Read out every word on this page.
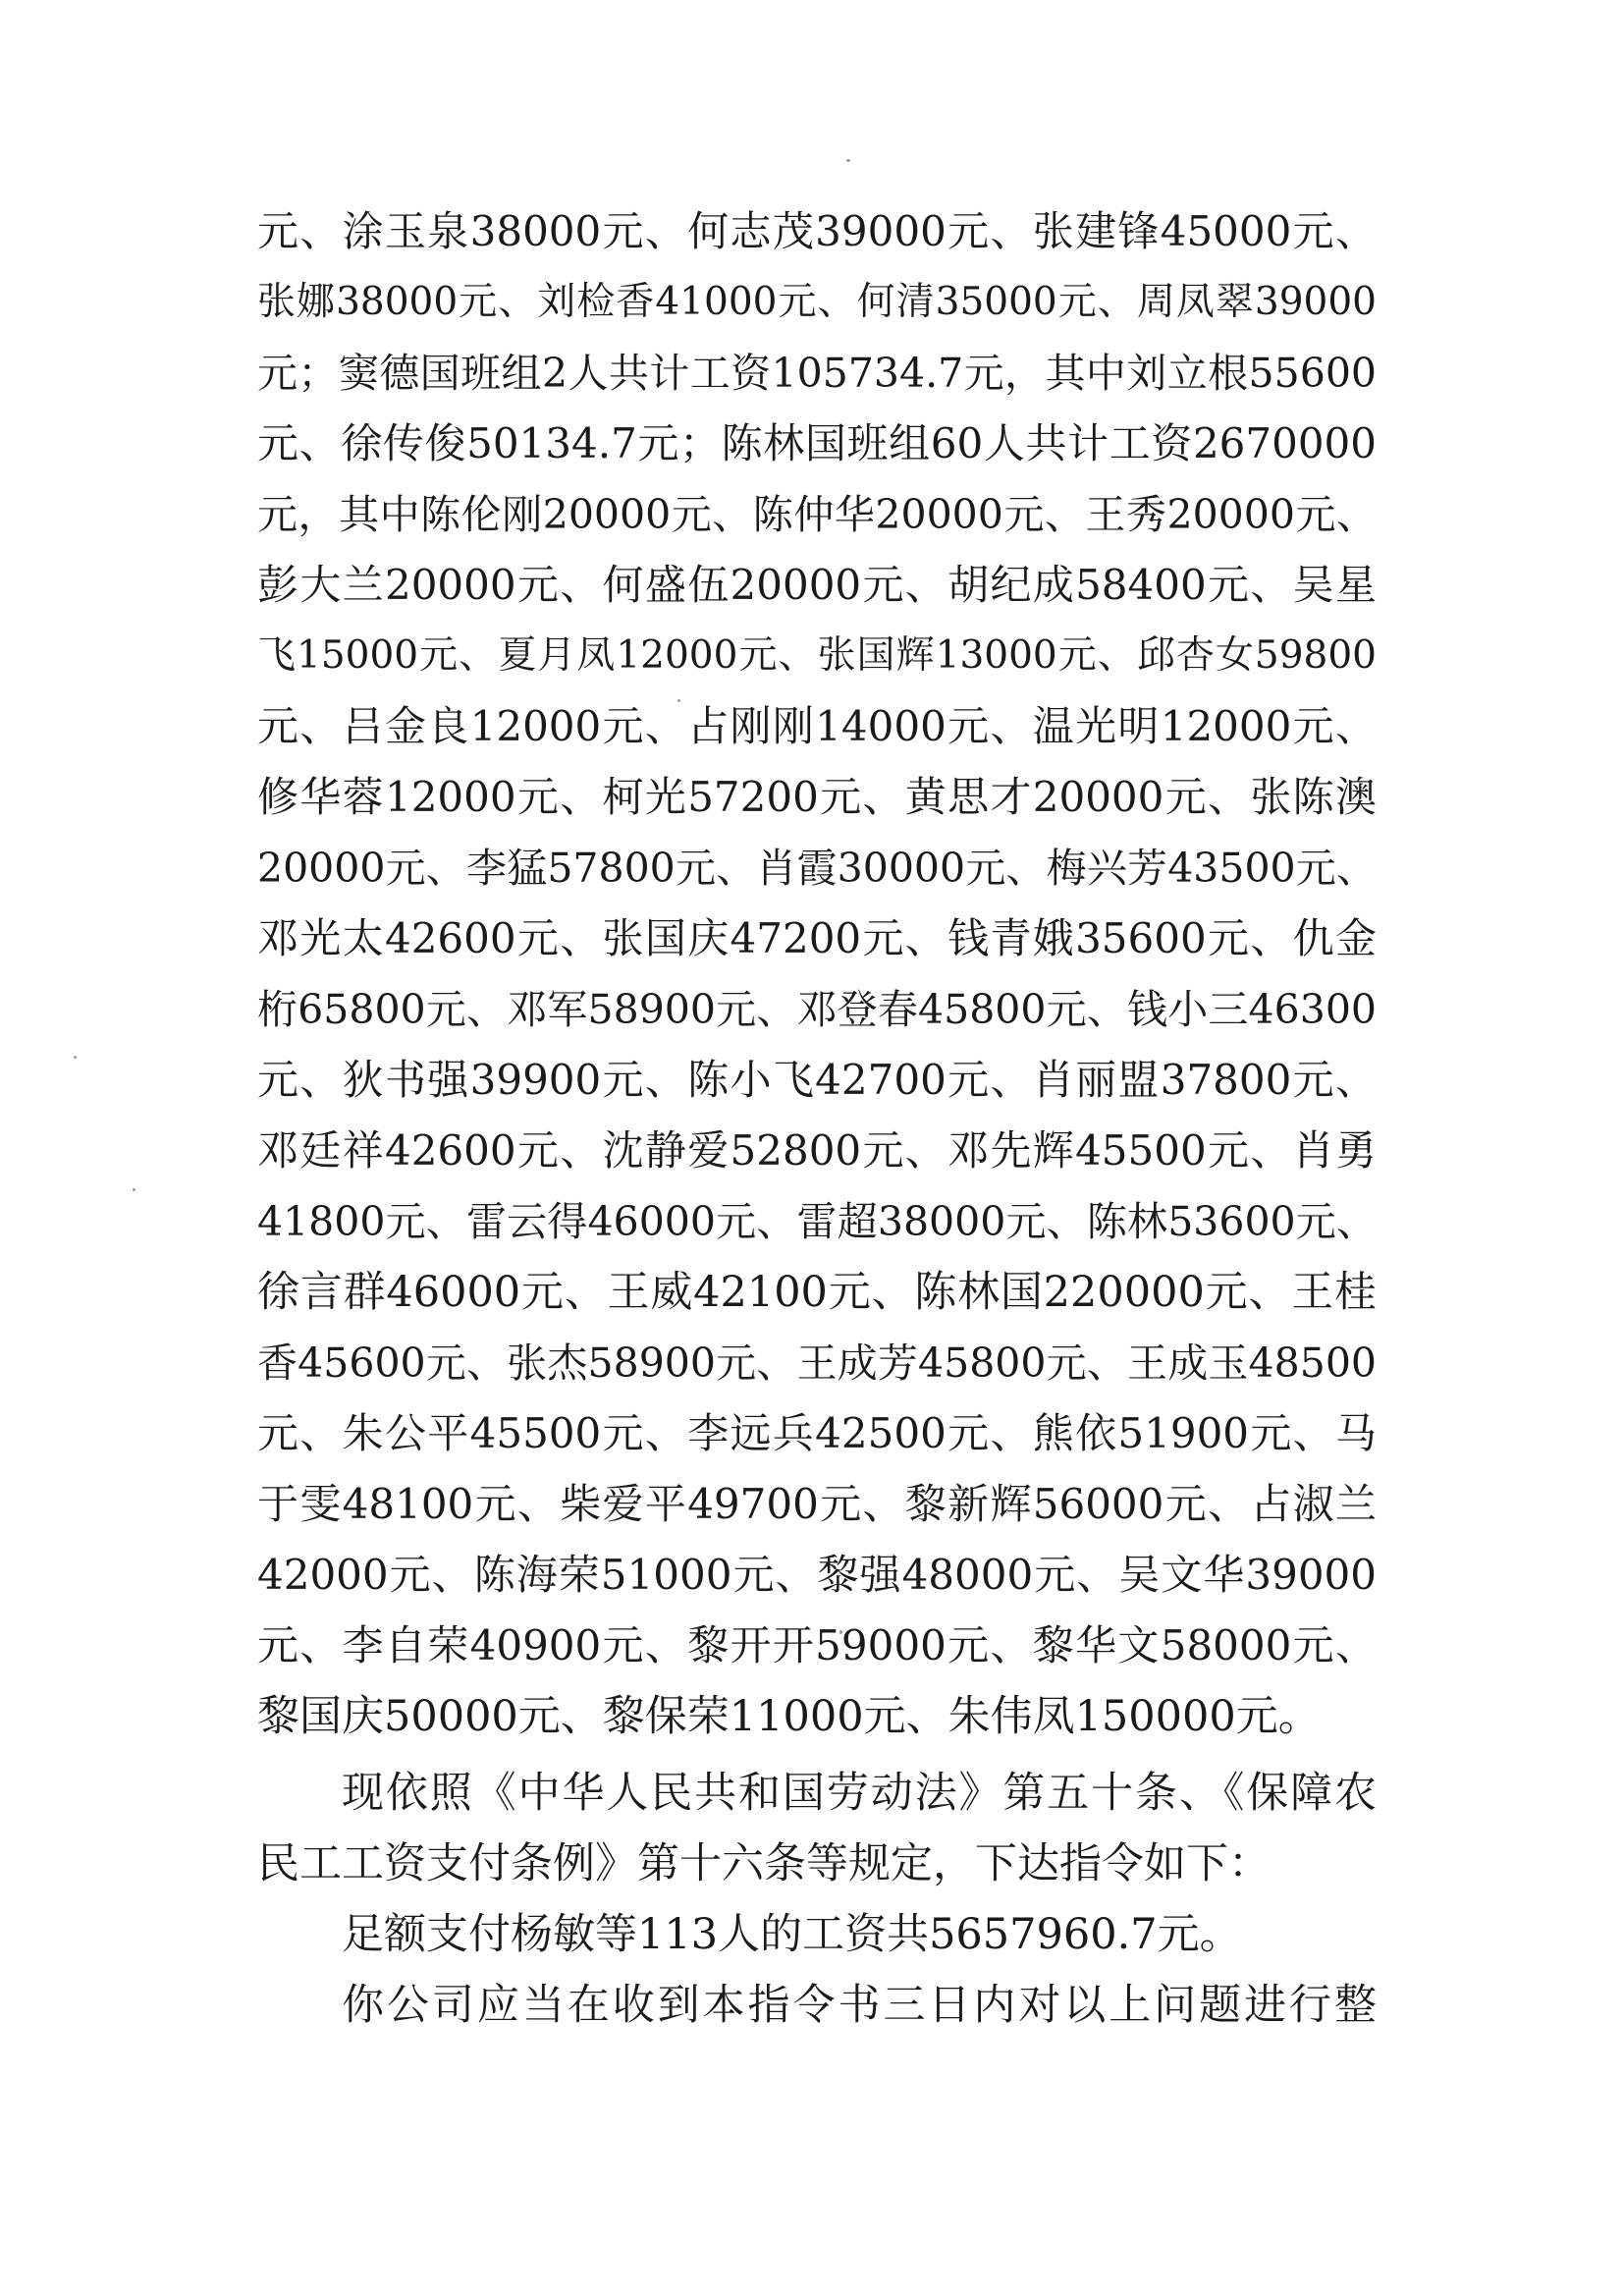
元、涂玉泉38000元、何志茂39000元、张建锋45000元、
张娜38000元、刘检香41000元、何清35000元、周凤翠39000
元；窦德国班组2人共计工资105734.7元，其中刘立根55600
元、徐传俊50134.7元；陈林国班组60人共计工资2670000
元，其中陈伦刚20000元、陈仲华20000元、王秀20000元、
彭大兰20000元、何盛伍20000元、胡纪成58400元、吴星
飞15000元、夏月凤12000元、张国辉13000元、邱杏女59800
元、吕金良12000元、占刚刚14000元、温光明12000元、
修华蓉12000元、柯光57200元、黄思才20000元、张陈澳
20000元、李猛57800元、肖霞30000元、梅兴芳43500元、
邓光太42600元、张国庆47200元、钱青娥35600元、仇金
桁65800元、邓军58900元、邓登春45800元、钱小三46300
元、狄书强39900元、陈小飞42700元、肖丽盟37800元、
邓廷祥42600元、沈静爱52800元、邓先辉45500元、肖勇
41800元、雷云得46000元、雷超38000元、陈林53600元、
徐言群46000元、王威42100元、陈林国220000元、王桂
香45600元、张杰58900元、王成芳45800元、王成玉48500
元、朱公平45500元、李远兵42500元、熊依51900元、马
于雯48100元、柴爱平49700元、黎新辉56000元、占淑兰
42000元、陈海荣51000元、黎强48000元、吴文华39000
元、李自荣40900元、黎开开59000元、黎华文58000元、
黎国庆50000元、黎保荣11000元、朱伟凤150000元。
现依照《中华人民共和国劳动法》第五十条、《保障农
民工工资支付条例》第十六条等规定，下达指令如下：
足额支付杨敏等113人的工资共5657960.7元。
你公司应当在收到本指令书三日内对以上问题进行整
